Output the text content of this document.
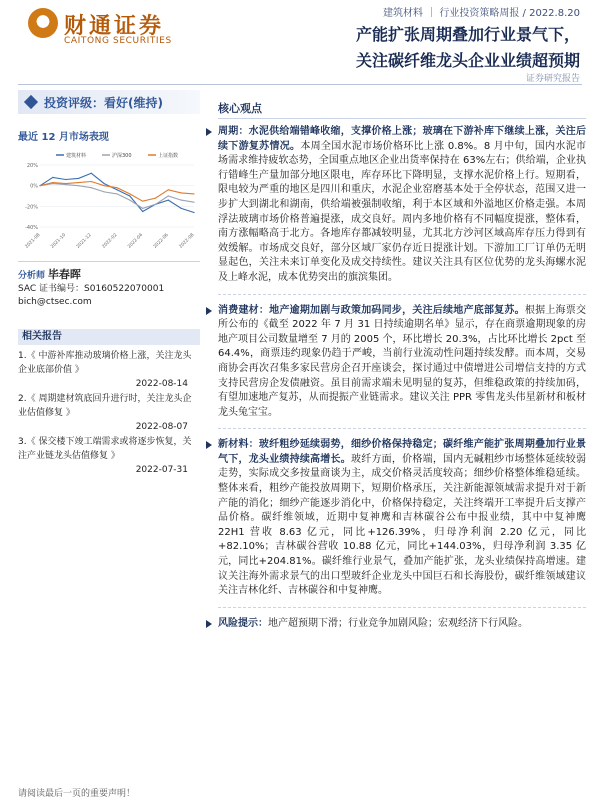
财通证券
CAITONG SECURITIES
建筑材料 ｜ 行业投资策略周报 / 2022.8.20
产能扩张周期叠加行业景气下，
关注碳纤维龙头企业业绩超预期
证券研究报告
投资评级：看好(维持)
最近 12 月市场表现
-40%
-20%
0%
20%
2021-08 2021-10 2021-12 2022-02 2022-04 2022-06 2022-08
建筑材料	沪深300	上证指数
分析师 毕春晖
SAC 证书编号：S0160522070001
bich@ctsec.com
相关报告
1.《 中游补库推动玻璃价格上涨，关注龙头企业底部价值 》
2022-08-14
2.《 周期建材筑底回升进行时，关注龙头企业估值修复 》
2022-08-07
3.《 保交楼下竣工端需求或将逐步恢复，关注产业链龙头估值修复 》
2022-07-31
核心观点
周期：水泥供给端错峰收缩，支撑价格上涨；玻璃在下游补库下继续上涨，关注后续下游复苏情况。本周全国水泥市场价格环比上涨 0.8%。8 月中旬，国内水泥市场需求维持疲软态势，全国重点地区企业出货率保持在 63%左右；供给端，企业执行错峰生产量加部分地区限电，库存环比下降明显，支撑水泥价格上行。短期看，限电较为严重的地区是四川和重庆，水泥企业窑磨基本处于全停状态，范围又进一步扩大到湖北和湖南，供给端被强制收缩，利于本区域和外溢地区价格走强。本周浮法玻璃市场价格普遍提涨，成交良好。周内多地价格有不同幅度提涨，整体看，南方涨幅略高于北方。各地库存都减较明显，尤其北方沙河区域高库存压力得到有效缓解。市场成交良好，部分区域厂家仍存近日提涨计划。下游加工厂订单仍无明显起色，关注未来订单变化及成交持续性。建议关注具有区位优势的龙头海螺水泥及上峰水泥，成本优势突出的旗滨集团。
消费建材：地产逾期加剧与政策加码同步，关注后续地产底部复苏。根据上海票交所公布的《截至 2022 年 7 月 31 日持续逾期名单》显示，存在商票逾期现象的房地产项目公司数量增至 7 月的 2005 个，环比增长 20.3%，占比环比增长 2pct 至 64.4%，商票违约现象仍趋于严峻，当前行业流动性问题持续发酵。而本周，交易商协会再次召集多家民营房企召开座谈会，探讨通过中债增进公司增信支持的方式支持民营房企发债融资。虽目前需求端未见明显的复苏，但维稳政策的持续加码，有望加速地产复苏，从而提振产业链需求。建议关注 PPR 零售龙头伟星新材和板材龙头兔宝宝。
新材料：玻纤粗纱延续弱势，细纱价格保持稳定；碳纤维产能扩张周期叠加行业景气下，龙头业绩持续高增长。玻纤方面，价格端，国内无碱粗纱市场整体延续较弱走势，实际成交多按量商谈为主，成交价格灵活度较高；细纱价格整体维稳延续。整体来看，粗纱产能投放周期下，短期价格承压，关注新能源领域需求提升对于新产能的消化；细纱产能逐步消化中，价格保持稳定，关注终端开工率提升后支撑产品价格。碳纤维领域，近期中复神鹰和吉林碳谷公布中报业绩，其中中复神鹰 22H1 营收 8.63 亿元，同比+126.39%，归母净利润 2.20 亿元，同比+82.10%；吉林碳谷营收 10.88 亿元，同比+144.03%，归母净利润 3.35 亿元，同比+204.81%。碳纤维行业景气，叠加产能扩张，龙头业绩保持高增速。建议关注海外需求景气的出口型玻纤企业龙头中国巨石和长海股份，碳纤维领域建议关注吉林化纤、吉林碳谷和中复神鹰。
风险提示：地产超预期下滑；行业竞争加剧风险；宏观经济下行风险。
请阅读最后一页的重要声明！
